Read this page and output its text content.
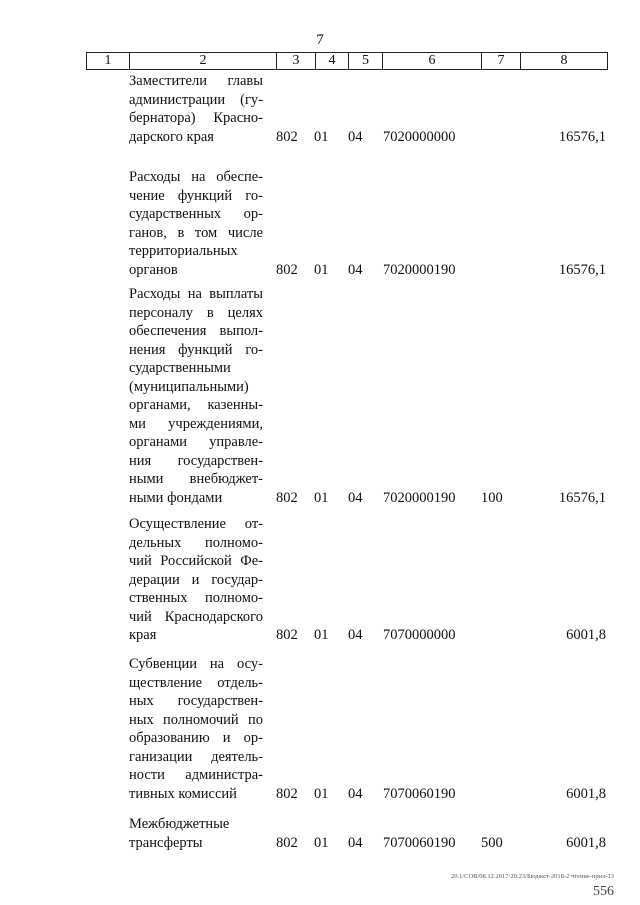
7
1	2	3	4	5	6	7	8
Заместители главы
администрации (гу-
бернатора) Красно-
дарского края	802 01 04 7020000000	16576,1
Расходы на обеспе-
чение функций го-
сударственных ор-
ганов, в том числе
территориальных
органов	802 01 04 7020000190	16576,1
Расходы на выплаты
персоналу в целях
обеспечения выпол-
нения функций го-
сударственными
(муниципальными)
органами, казенны-
ми учреждениями,
органами управле-
ния государствен-
ными внебюджет-
ными фондами	802 01 04 7020000190 100	16576,1
Осуществление от-
дельных полномо-
чий Российской Фе-
дерации и государ-
ственных полномо-
чий Краснодарского
края	802 01 04 7070000000	6001,8
Субвенции на осу-
ществление отдель-
ных государствен-
ных полномочий по
образованию и ор-
ганизации деятель-
ности администра-
тивных комиссий	802 01 04 7070060190	6001,8
Межбюджетные
трансферты	802 01 04 7070060190 500	6001,8
20.1/СОВ/08.12.2017/20:23/Бюджет-2018-2 чтение-прил-13
556
